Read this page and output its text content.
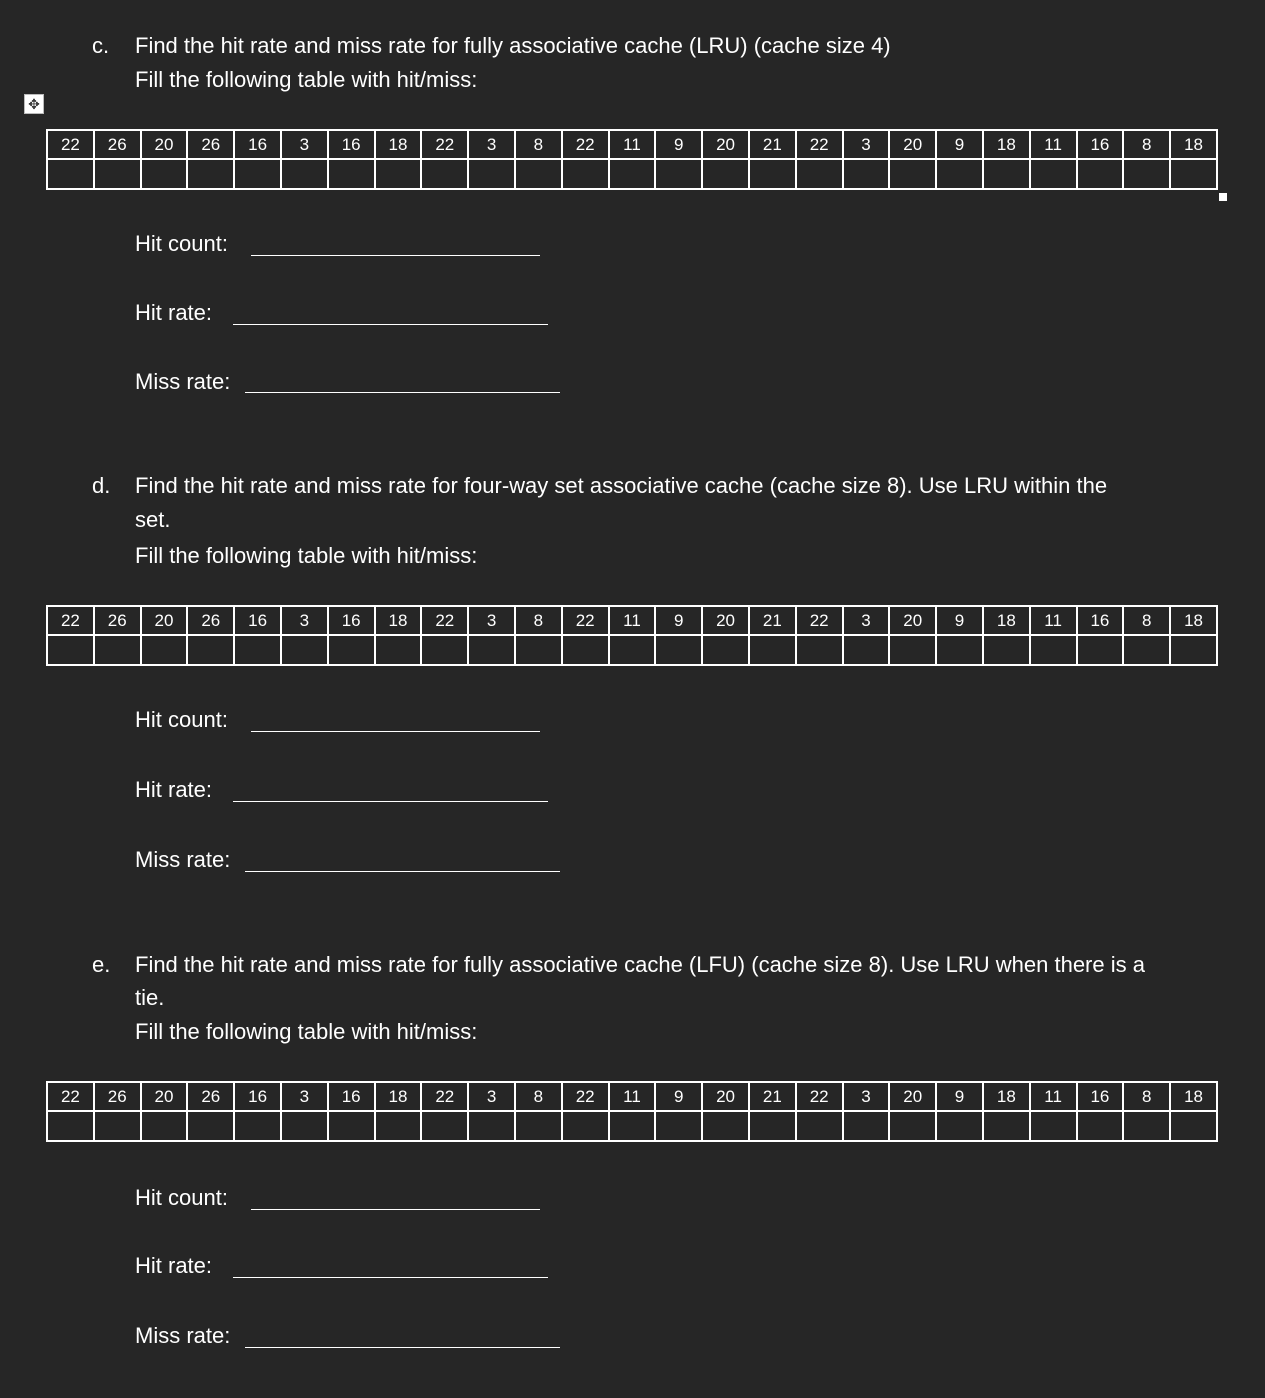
✥
c. Find the hit rate and miss rate for fully associative cache (LRU) (cache size 4)
Fill the following table with hit/miss:
22	26	20	26	16	3	16	18	22	3	8	22	11	9	20	21	22	3	20	9	18	11	16	8	18

Hit count:
Hit rate:
Miss rate:
d. Find the hit rate and miss rate for four-way set associative cache (cache size 8). Use LRU within the
set.
Fill the following table with hit/miss:
22	26	20	26	16	3	16	18	22	3	8	22	11	9	20	21	22	3	20	9	18	11	16	8	18

Hit count:
Hit rate:
Miss rate:
e. Find the hit rate and miss rate for fully associative cache (LFU) (cache size 8). Use LRU when there is a
tie.
Fill the following table with hit/miss:
22	26	20	26	16	3	16	18	22	3	8	22	11	9	20	21	22	3	20	9	18	11	16	8	18

Hit count:
Hit rate:
Miss rate:
